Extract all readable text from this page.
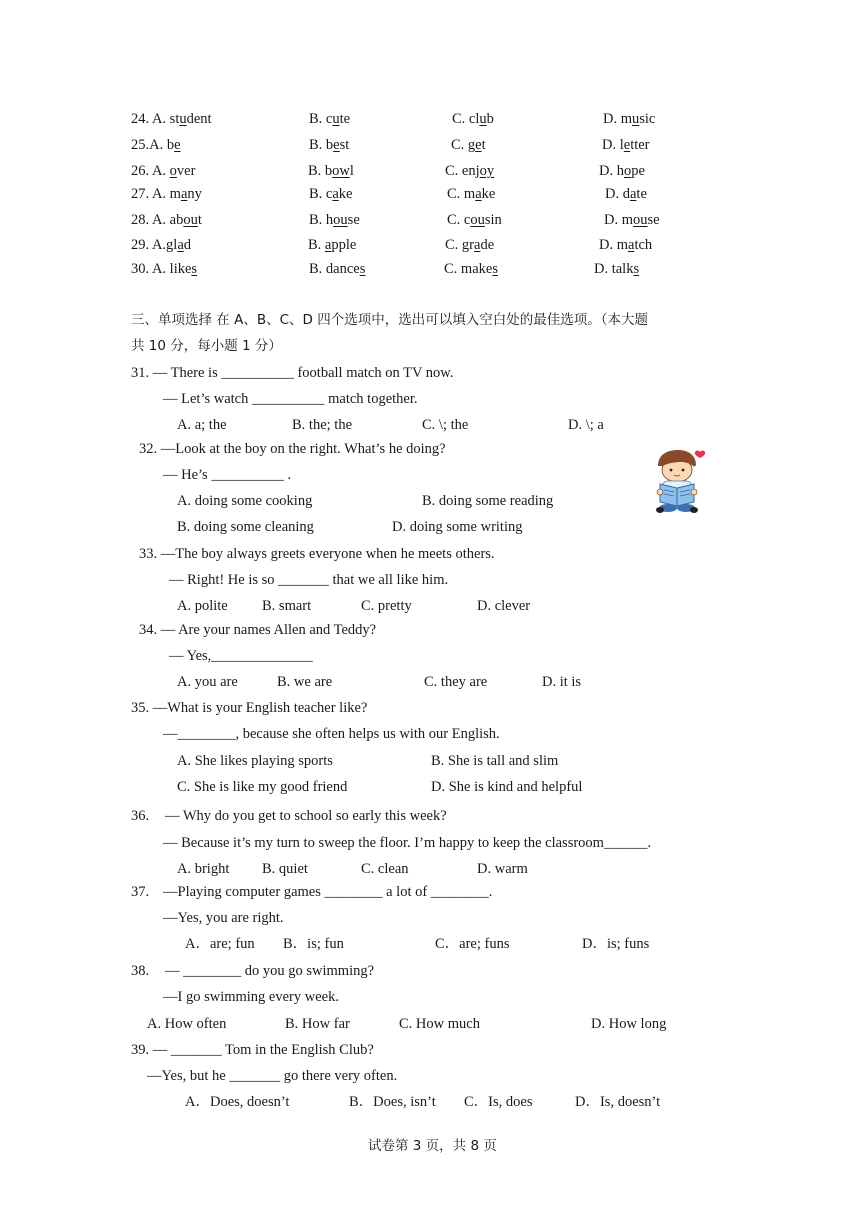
24. A. student	B. cute	C. club	D. music
25.A. be	B. best	C. get	D. letter
26. A. over	B. bowl	C. enjoy	D. hope
27. A. many	B. cake	C. make	D. date
28. A. about	B. house	C. cousin	D. mouse
29. A.glad	B. apple	C. grade	D. match
30. A. likes	B. dances	C. makes	D. talks
三、单项选择 在 A、B、C、D 四个选项中，选出可以填入空白处的最佳选项。（本大题
共 10 分，每小题 1 分）
31. — There is __________ football match on TV now.
— Let’s watch __________ match together.
A. a; the	B. the; the	C. \; the	D. \; a
32. —Look at the boy on the right. What’s he doing?
— He’s __________ .
A. doing some cooking	B. doing some reading
B. doing some cleaning	D. doing some writing
33. —The boy always greets everyone when he meets others.
— Right! He is so _______ that we all like him.
A. polite B. smart	C. pretty	D. clever
34. — Are your names Allen and Teddy?
— Yes,______________
A. you are	B. we are	C. they are	D. it is
35. —What is your English teacher like?
—________, because she often helps us with our English.
A. She likes playing sports	B. She is tall and slim
C. She is like my good friend	D. She is kind and helpful
36. — Why do you get to school so early this week?
— Because it’s my turn to sweep the floor. I’m happy to keep the classroom______.
A. bright B. quiet	C. clean	D. warm
37. —Playing computer games ________ a lot of ________.
—Yes, you are right.
A．are; fun B．is; fun	C．are; funs	D．is; funs
38. — ________ do you go swimming?
—I go swimming every week.
A. How often	B. How far	C. How much	D. How long
39. — _______ Tom in the English Club?
—Yes, but he _______ go there very often.
A．Does, doesn’t	B．Does, isn’t C．Is, does	D．Is, doesn’t
试卷第 3 页，共 8 页
